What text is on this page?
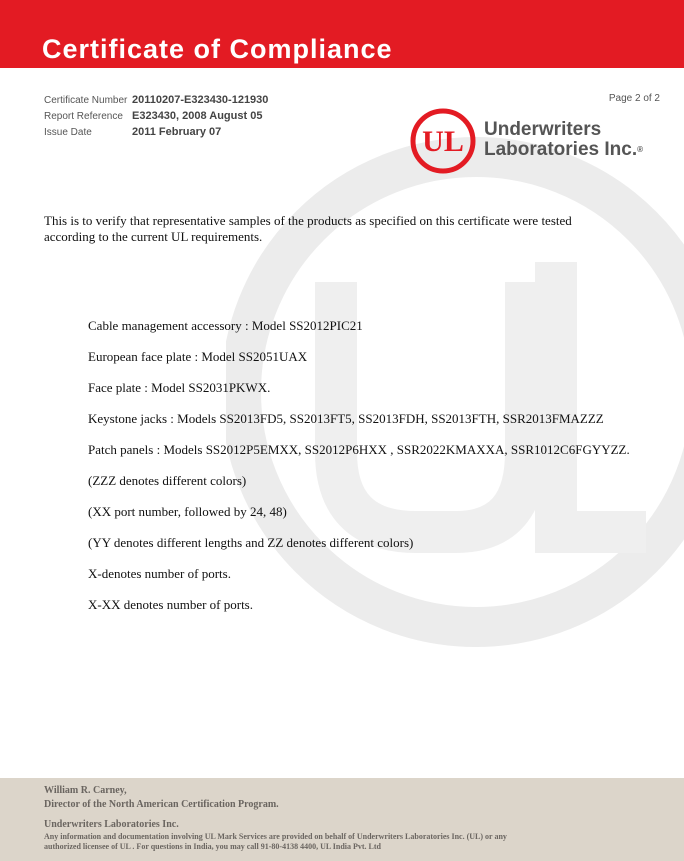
Certificate of Compliance
Certificate Number 20110207-E323430-121930
Report Reference E323430, 2008 August 05
Issue Date	2011 February 07
Page 2 of 2
UL Underwriters
Laboratories Inc.®
This is to verify that representative samples of the products as specified on this certificate were tested according to the current UL requirements.
Cable management accessory : Model SS2012PIC21
European face plate : Model SS2051UAX
Face plate : Model SS2031PKWX.
Keystone jacks : Models SS2013FD5, SS2013FT5, SS2013FDH, SS2013FTH, SSR2013FMAZZZ
Patch panels : Models SS2012P5EMXX, SS2012P6HXX , SSR2022KMAXXA, SSR1012C6FGYYZZ.
(ZZZ denotes different colors)
(XX port number, followed by 24, 48)
(YY denotes different lengths and ZZ denotes different colors)
X-denotes number of ports.
X-XX denotes number of ports.
William R. Carney,
Director of the North American Certification Program.
Underwriters Laboratories Inc.
Any information and documentation involving UL Mark Services are provided on behalf of Underwriters Laboratories Inc. (UL) or any
authorized licensee of UL . For questions in India, you may call 91-80-4138 4400, UL India Pvt. Ltd
